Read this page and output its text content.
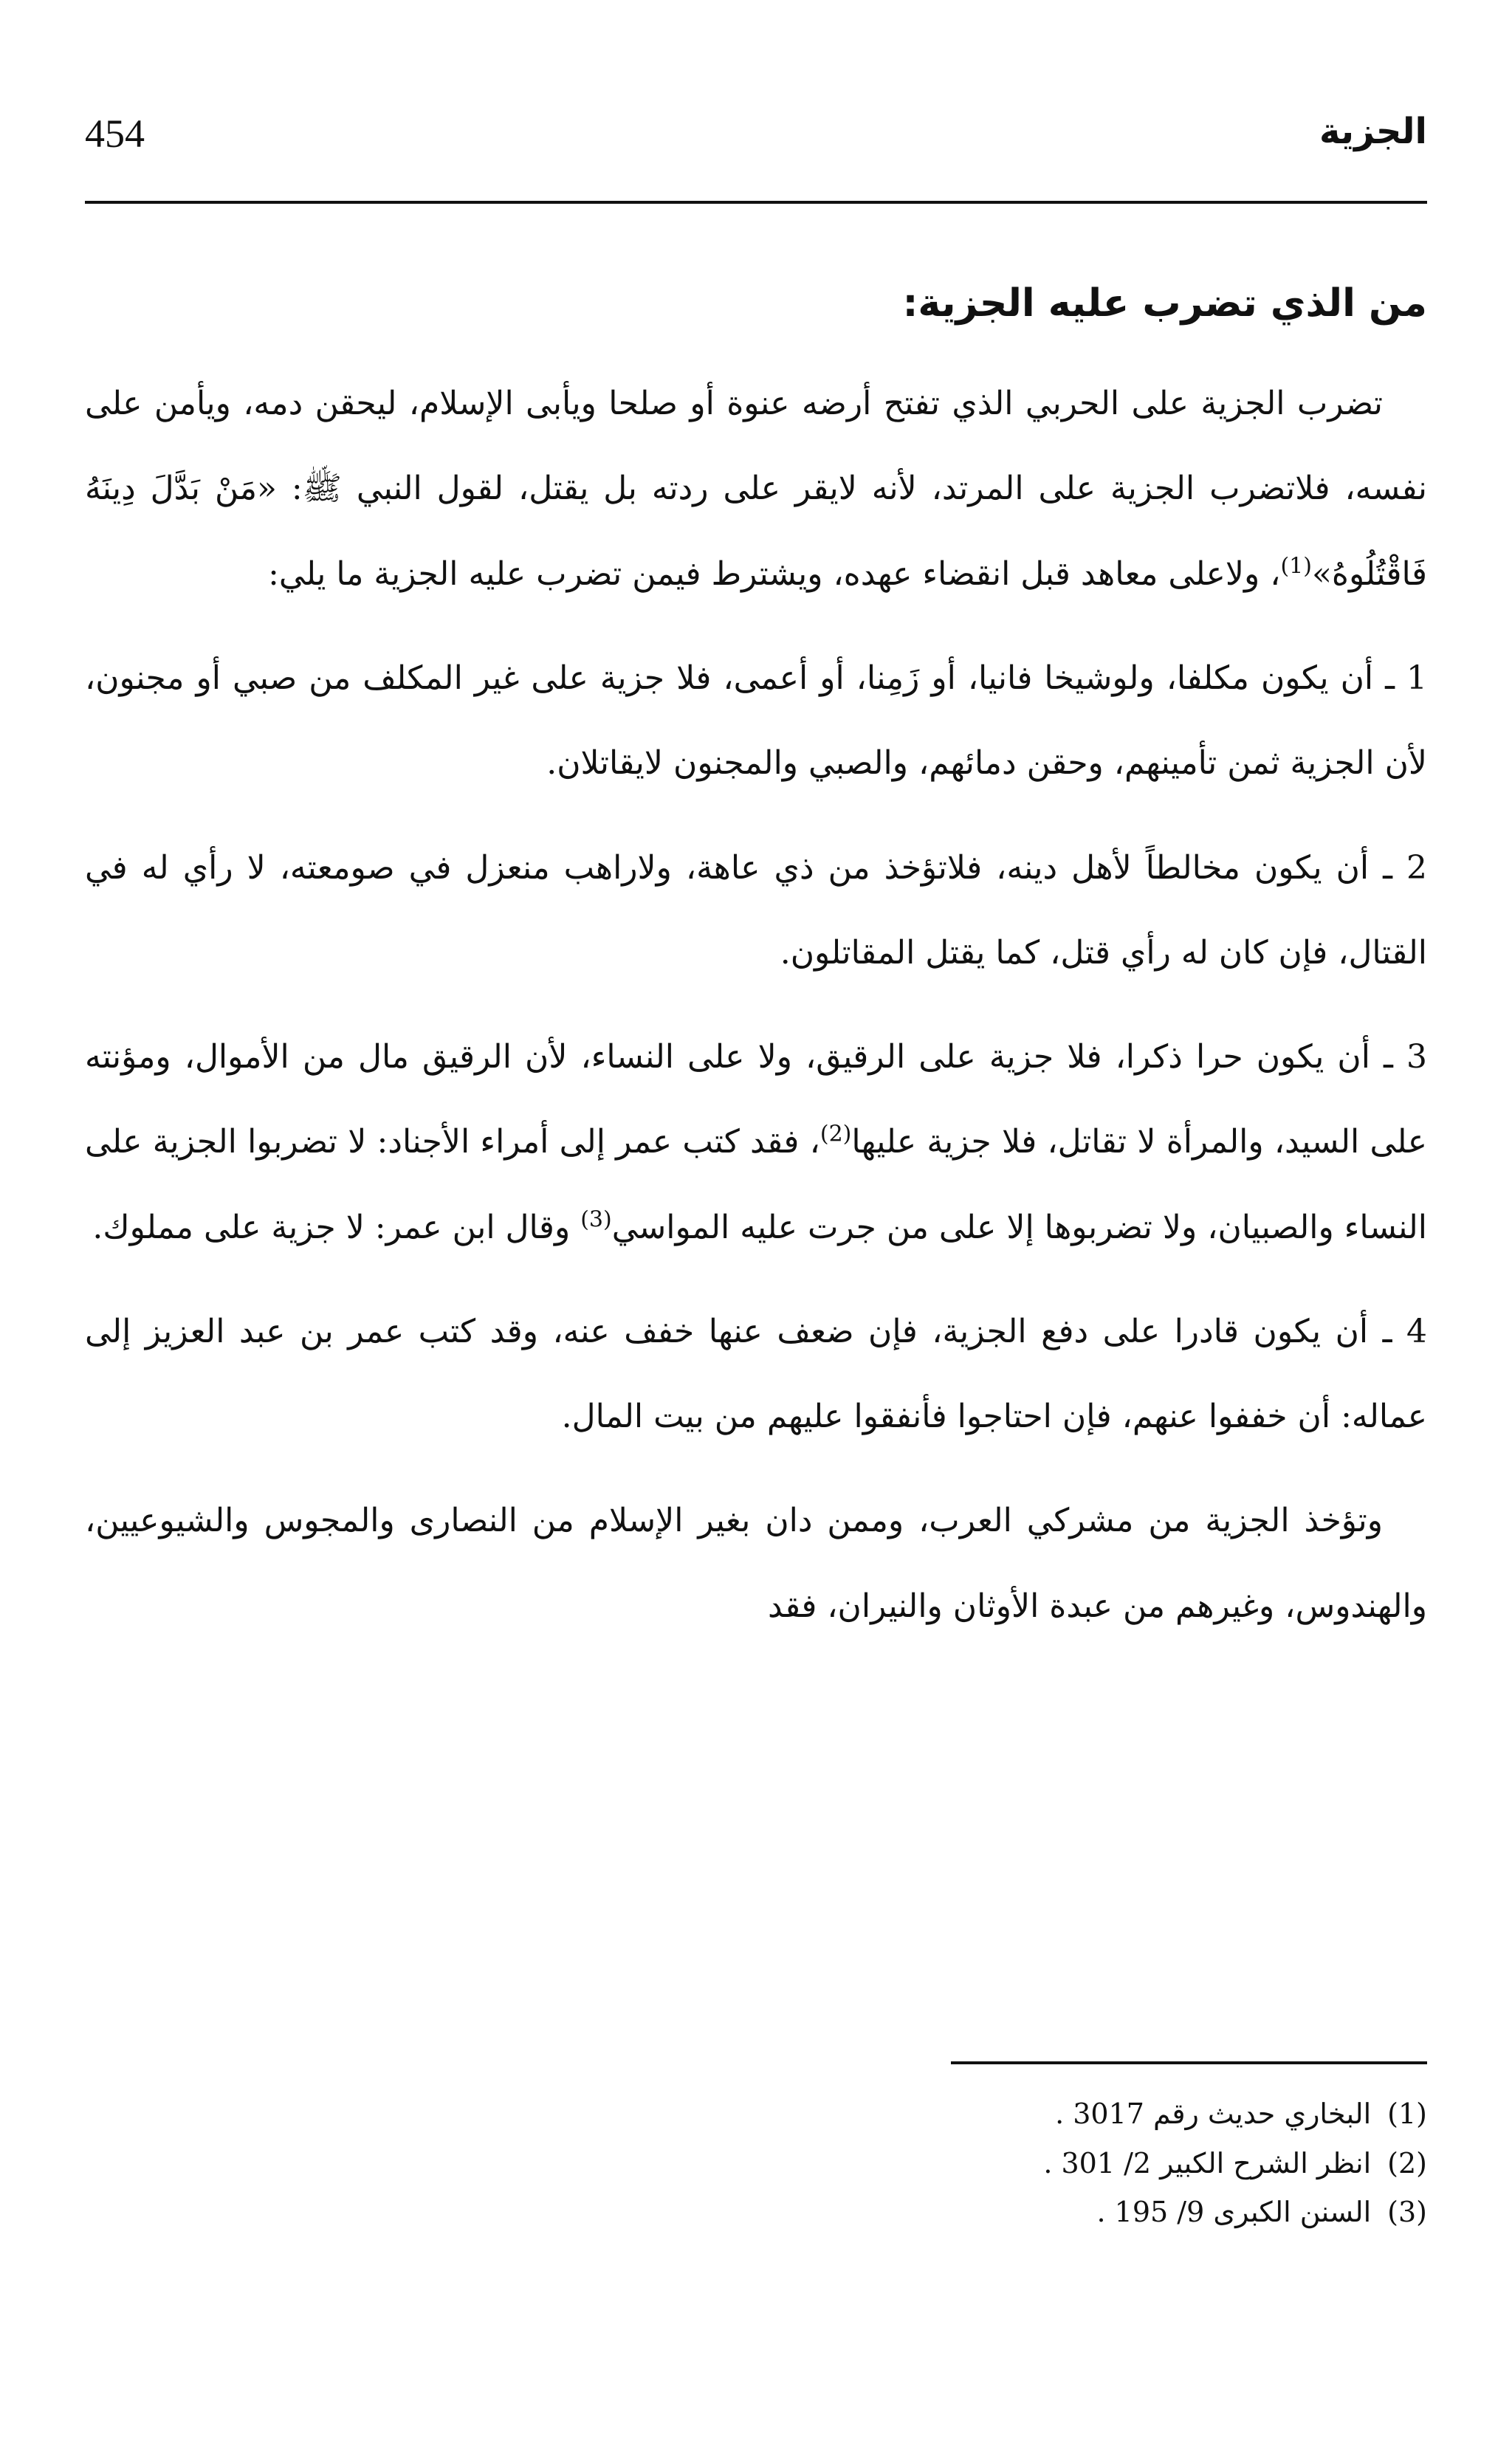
الجزية
454
من الذي تضرب عليه الجزية:

تضرب الجزية على الحربي الذي تفتح أرضه عنوة أو صلحا ويأبى الإسلام، ليحقن دمه، ويأمن على نفسه، فلاتضرب الجزية على المرتد، لأنه لايقر على ردته بل يقتل، لقول النبي ﷺ: «مَنْ بَدَّلَ دِينَهُ فَاقْتُلُوهُ»$^{(1)}$، ولاعلى معاهد قبل انقضاء عهده، ويشترط فيمن تضرب عليه الجزية ما يلي:

1 ـ أن يكون مكلفا، ولوشيخا فانيا، أو زَمِنا، أو أعمى، فلا جزية على غير المكلف من صبي أو مجنون، لأن الجزية ثمن تأمينهم، وحقن دمائهم، والصبي والمجنون لايقاتلان.

2 ـ أن يكون مخالطاً لأهل دينه، فلاتؤخذ من ذي عاهة، ولاراهب منعزل في صومعته، لا رأي له في القتال، فإن كان له رأي قتل، كما يقتل المقاتلون.

3 ـ أن يكون حرا ذكرا، فلا جزية على الرقيق، ولا على النساء، لأن الرقيق مال من الأموال، ومؤنته على السيد، والمرأة لا تقاتل، فلا جزية عليها$^{(2)}$، فقد كتب عمر إلى أمراء الأجناد: لا تضربوا الجزية على النساء والصبيان، ولا تضربوها إلا على من جرت عليه المواسي$^{(3)}$ وقال ابن عمر: لا جزية على مملوك.

4 ـ أن يكون قادرا على دفع الجزية، فإن ضعف عنها خفف عنه، وقد كتب عمر بن عبد العزيز إلى عماله: أن خففوا عنهم، فإن احتاجوا فأنفقوا عليهم من بيت المال.

وتؤخذ الجزية من مشركي العرب، وممن دان بغير الإسلام من النصارى والمجوس والشيوعيين، والهندوس، وغيرهم من عبدة الأوثان والنيران، فقد

(1)البخاري حديث رقم 3017 .

(2)انظر الشرح الكبير 2/ 301 .

(3)السنن الكبرى 9/ 195 .
